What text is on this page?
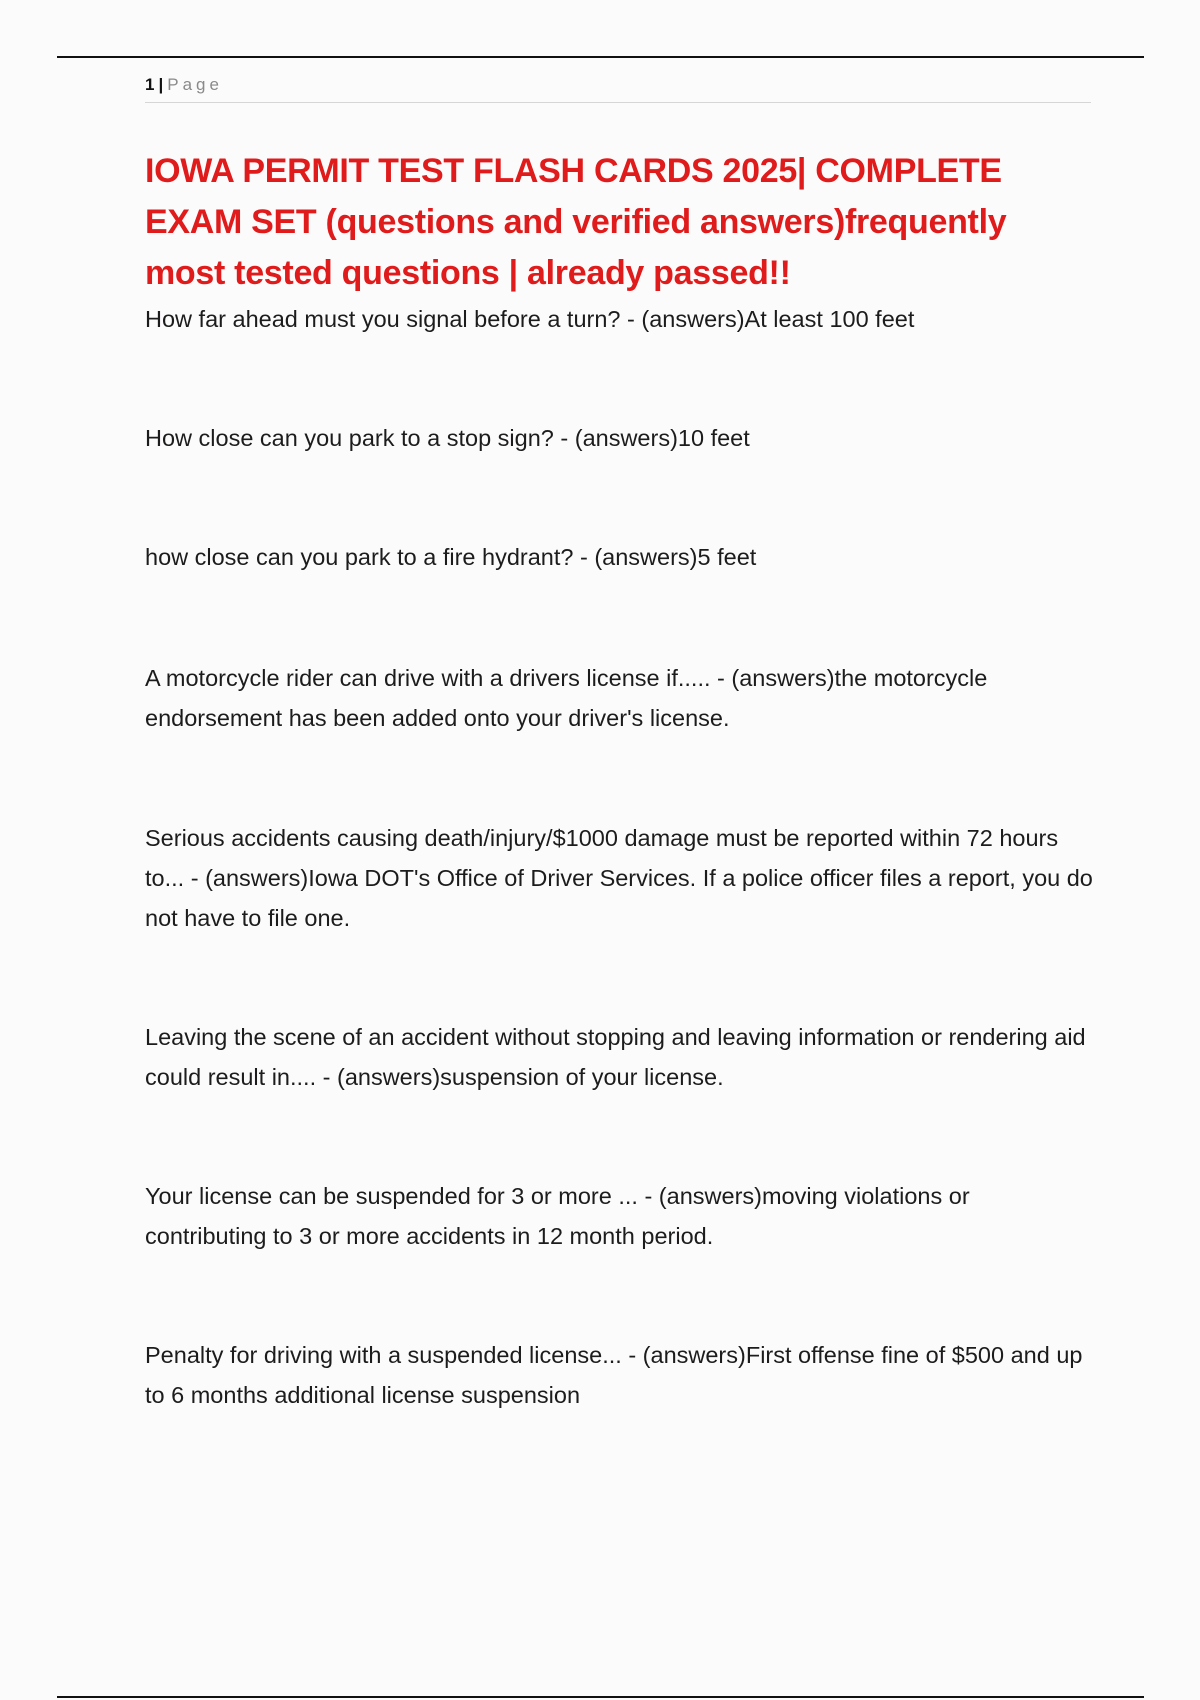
1 | Page
IOWA PERMIT TEST FLASH CARDS 2025| COMPLETE EXAM SET (questions and verified answers)frequently most tested questions | already passed!!
How far ahead must you signal before a turn? - (answers)At least 100 feet
How close can you park to a stop sign? - (answers)10 feet
how close can you park to a fire hydrant? - (answers)5 feet
A motorcycle rider can drive with a drivers license if..... - (answers)the motorcycle endorsement has been added onto your driver's license.
Serious accidents causing death/injury/$1000 damage must be reported within 72 hours to... - (answers)Iowa DOT's Office of Driver Services. If a police officer files a report, you do not have to file one.
Leaving the scene of an accident without stopping and leaving information or rendering aid could result in.... - (answers)suspension of your license.
Your license can be suspended for 3 or more ... - (answers)moving violations or contributing to 3 or more accidents in 12 month period.
Penalty for driving with a suspended license... - (answers)First offense fine of $500 and up to 6 months additional license suspension
